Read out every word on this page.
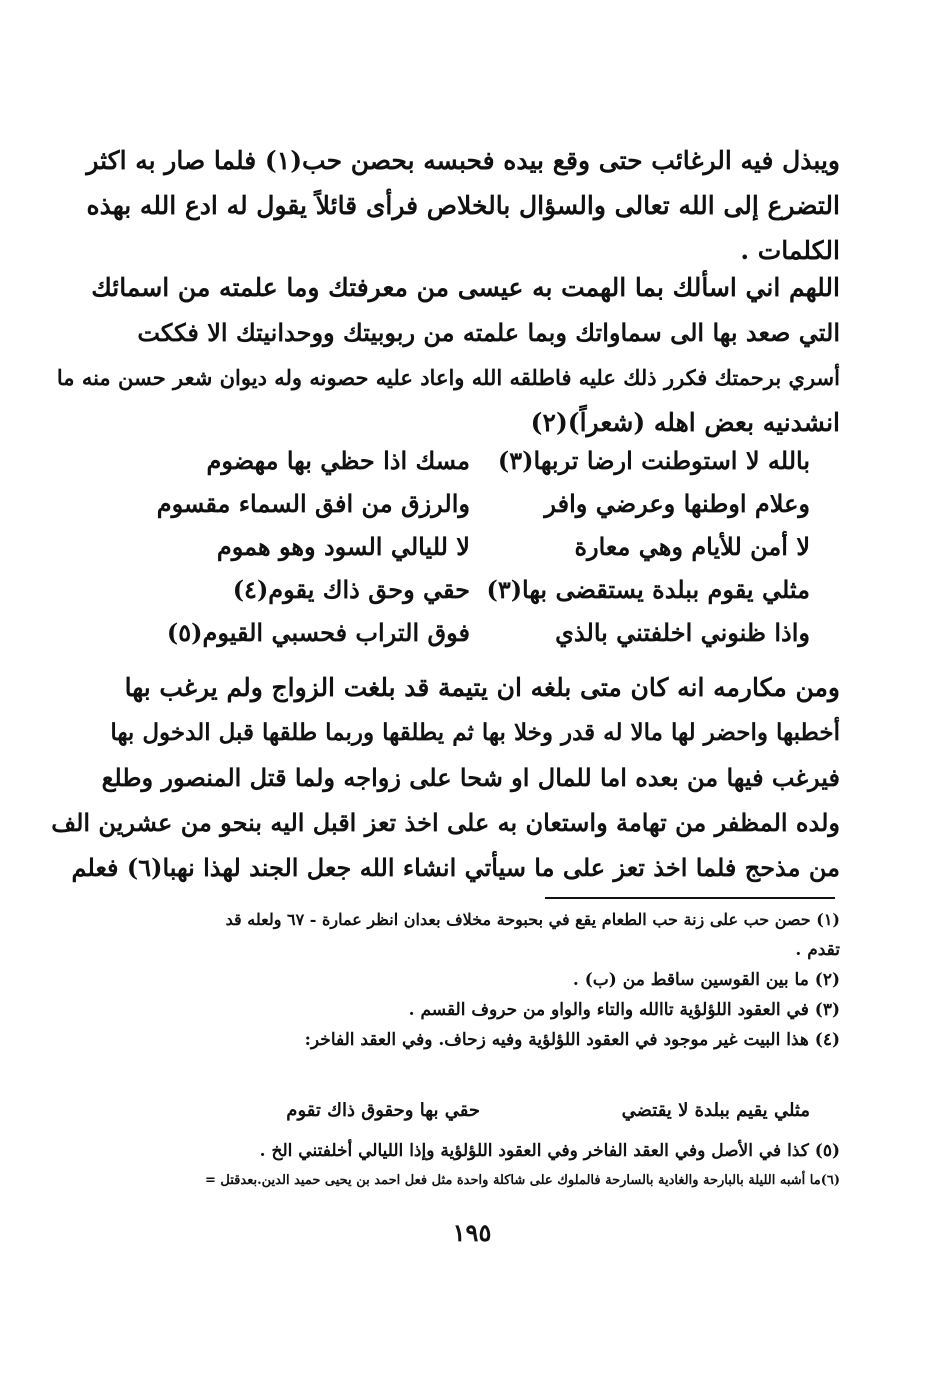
ويبذل فيه الرغائب حتى وقع بيده فحبسه بحصن حب(١) فلما صار به اكثر
التضرع إلى الله تعالى والسؤال بالخلاص فرأى قائلاً يقول له ادع الله بهذه
الكلمات .
اللهم اني اسألك بما الهمت به عيسى من معرفتك وما علمته من اسمائك
التي صعد بها الى سماواتك وبما علمته من ربوبيتك ووحدانيتك الا فككت
أسري برحمتك فكرر ذلك عليه فاطلقه الله واعاد عليه حصونه وله ديوان شعر حسن منه ما
انشدنيه بعض اهله (شعراً)(٢)
بالله لا استوطنت ارضا تربها(٣)
مسك اذا حظي بها مهضوم
وعلام اوطنها وعرضي وافر
والرزق من افق السماء مقسوم
لا أمن للأيام وهي معارة
لا لليالي السود وهو هموم
مثلي يقوم ببلدة يستقضى بها(٣)
حقي وحق ذاك يقوم(٤)
واذا ظنوني اخلفتني بالذي
فوق التراب فحسبي القيوم(٥)
ومن مكارمه انه كان متى بلغه ان يتيمة قد بلغت الزواج ولم يرغب بها
أخطبها واحضر لها مالا له قدر وخلا بها ثم يطلقها وربما طلقها قبل الدخول بها
فيرغب فيها من بعده اما للمال او شحا على زواجه ولما قتل المنصور وطلع
ولده المظفر من تهامة واستعان به على اخذ تعز اقبل اليه بنحو من عشرين الف
من مذحج فلما اخذ تعز على ما سيأتي انشاء الله جعل الجند لهذا نهبا(٦) فعلم
(١) حصن حب على زنة حب الطعام يقع في بحبوحة مخلاف بعدان انظر عمارة - ٦٧ ولعله قد
تقدم .
(٢) ما بين القوسين ساقط من (ب) .
(٣) في العقود اللؤلؤية تاالله والتاء والواو من حروف القسم .
(٤) هذا البيت غير موجود في العقود اللؤلؤية وفيه زحاف. وفي العقد الفاخر:
مثلي يقيم ببلدة لا يقتضي
حقي بها وحقوق ذاك تقوم
(٥) كذا في الأصل وفي العقد الفاخر وفي العقود اللؤلؤية وإذا الليالي أخلفتني الخ .
(٦)ما أشبه الليلة بالبارحة والغادية بالسارحة فالملوك على شاكلة واحدة مثل فعل احمد بن يحيى حميد الدين.بعدقتل =
١٩٥
